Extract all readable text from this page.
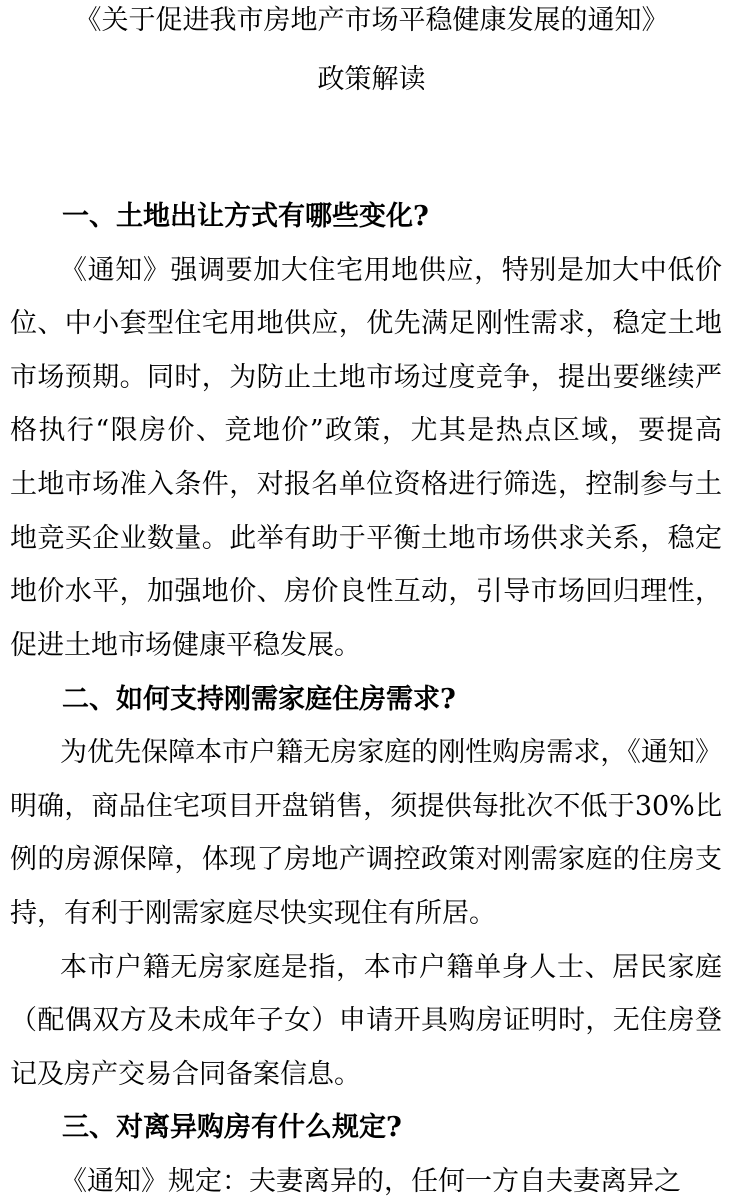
《关于促进我市房地产市场平稳健康发展的通知》
政策解读
一、土地出让方式有哪些变化?
《通知》强调要加大住宅用地供应，特别是加大中低价
位、中小套型住宅用地供应，优先满足刚性需求，稳定土地
市场预期。同时，为防止土地市场过度竞争，提出要继续严
格执行“限房价、竞地价”政策，尤其是热点区域，要提高
土地市场准入条件，对报名单位资格进行筛选，控制参与土
地竞买企业数量。此举有助于平衡土地市场供求关系，稳定
地价水平，加强地价、房价良性互动，引导市场回归理性，
促进土地市场健康平稳发展。
二、如何支持刚需家庭住房需求?
为优先保障本市户籍无房家庭的刚性购房需求，《通知》
明确，商品住宅项目开盘销售，须提供每批次不低于30%比
例的房源保障，体现了房地产调控政策对刚需家庭的住房支
持，有利于刚需家庭尽快实现住有所居。
本市户籍无房家庭是指，本市户籍单身人士、居民家庭
（配偶双方及未成年子女）申请开具购房证明时，无住房登
记及房产交易合同备案信息。
三、对离异购房有什么规定?
《通知》规定：夫妻离异的，任何一方自夫妻离异之
